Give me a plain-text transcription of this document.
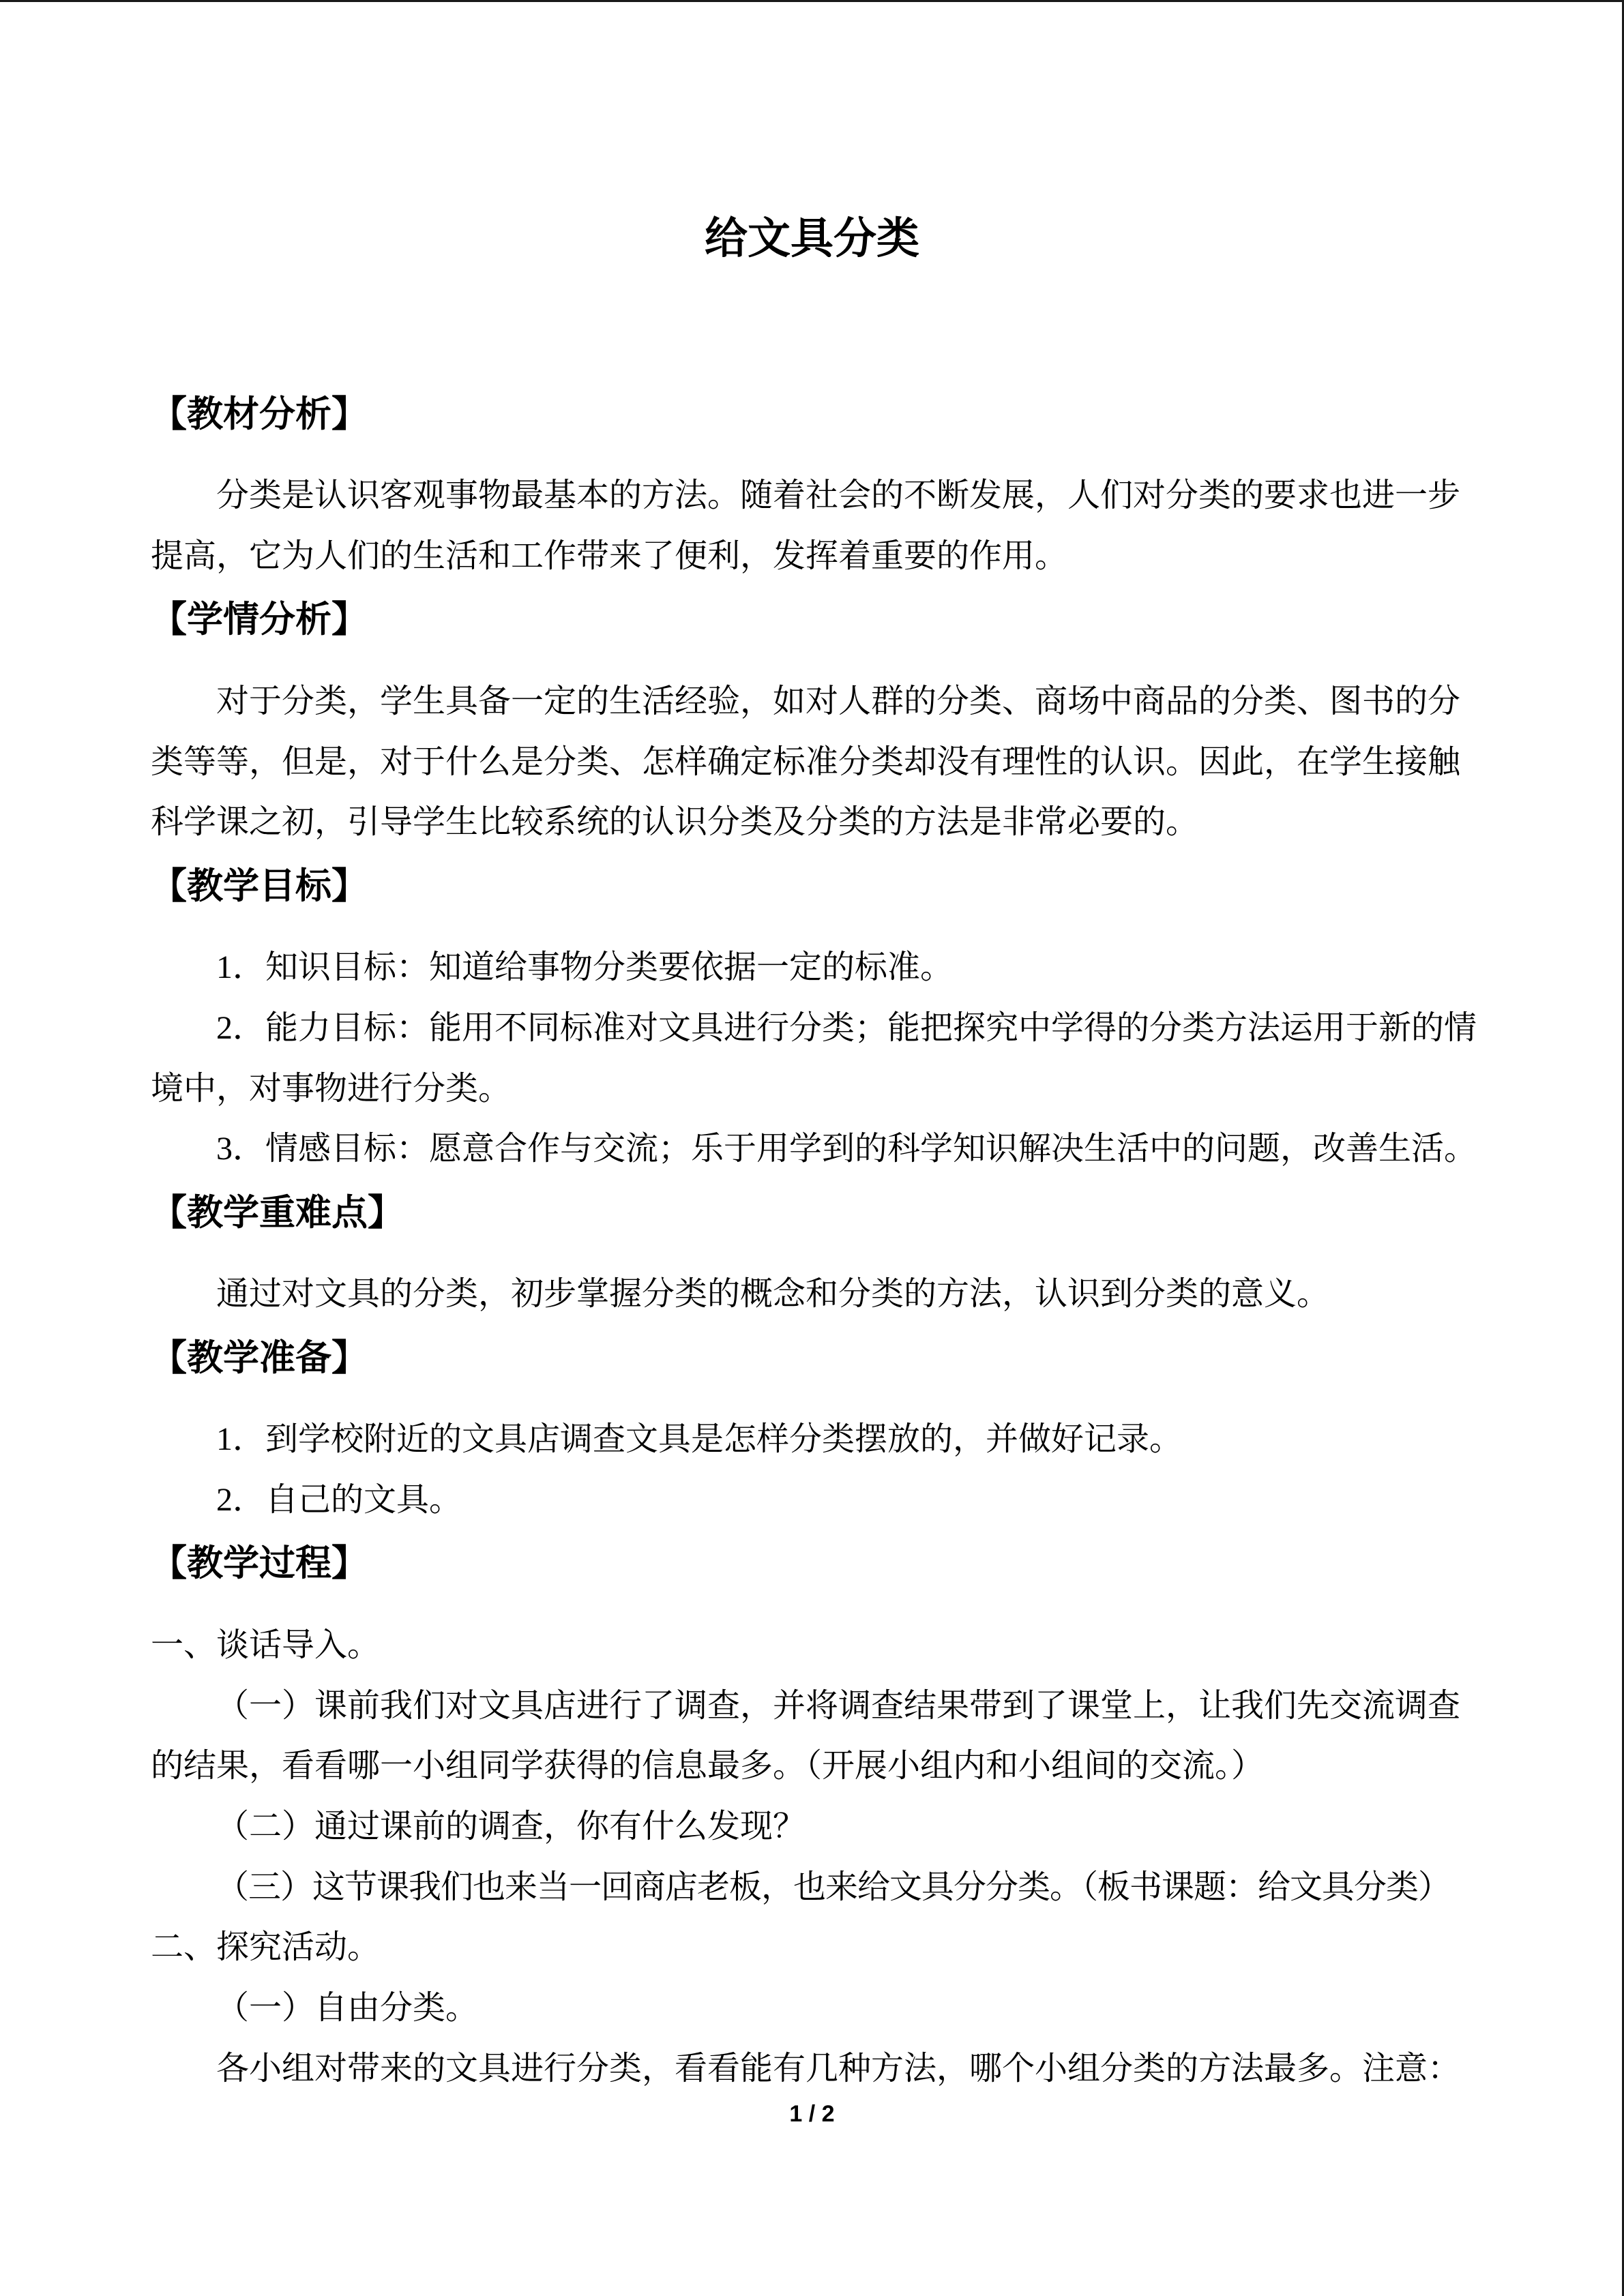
给文具分类
【教材分析】
分类是认识客观事物最基本的方法。随着社会的不断发展，人们对分类的要求也进一步
提高，它为人们的生活和工作带来了便利，发挥着重要的作用。
【学情分析】
对于分类，学生具备一定的生活经验，如对人群的分类、商场中商品的分类、图书的分
类等等，但是，对于什么是分类、怎样确定标准分类却没有理性的认识。因此，在学生接触
科学课之初，引导学生比较系统的认识分类及分类的方法是非常必要的。
【教学目标】
1．知识目标：知道给事物分类要依据一定的标准。
2．能力目标：能用不同标准对文具进行分类；能把探究中学得的分类方法运用于新的情
境中，对事物进行分类。
3．情感目标：愿意合作与交流；乐于用学到的科学知识解决生活中的问题，改善生活。
【教学重难点】
通过对文具的分类，初步掌握分类的概念和分类的方法，认识到分类的意义。
【教学准备】
1．到学校附近的文具店调查文具是怎样分类摆放的，并做好记录。
2．自己的文具。
【教学过程】
一、谈话导入。
（一）课前我们对文具店进行了调查，并将调查结果带到了课堂上，让我们先交流调查
的结果，看看哪一小组同学获得的信息最多。（开展小组内和小组间的交流。）
（二）通过课前的调查，你有什么发现？
（三）这节课我们也来当一回商店老板，也来给文具分分类。（板书课题：给文具分类）
二、探究活动。
（一）自由分类。
各小组对带来的文具进行分类，看看能有几种方法，哪个小组分类的方法最多。注意：
1 / 2
